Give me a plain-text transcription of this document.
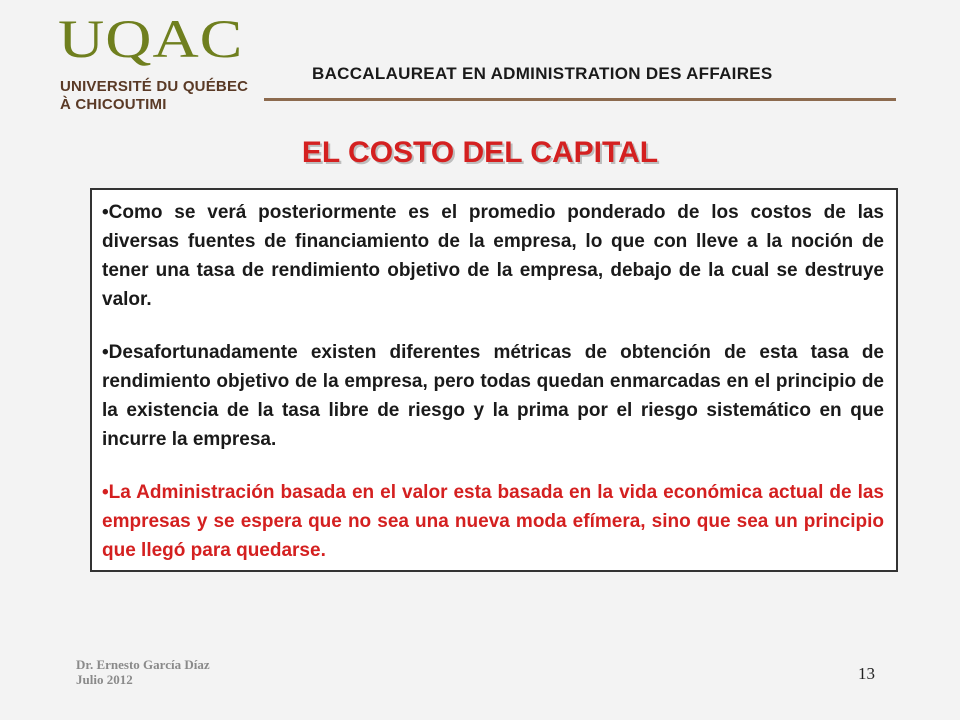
UQAC
UNIVERSITÉ DU QUÉBEC
À CHICOUTIMI
BACCALAUREAT EN ADMINISTRATION DES AFFAIRES
EL COSTO DEL CAPITAL

• Como se verá posteriormente es el promedio ponderado de los costos de las diversas fuentes de financiamiento de la empresa, lo que con lleve a la noción de tener una tasa de rendimiento objetivo de la empresa, debajo de la cual se destruye valor.

• Desafortunadamente existen diferentes métricas de obtención de esta tasa de rendimiento objetivo de la empresa, pero todas quedan enmarcadas en el principio de la existencia de la tasa libre de riesgo y la prima por el riesgo sistemático en que incurre la empresa.

• La Administración basada en el valor esta basada en la vida económica actual de las empresas y se espera que no sea una nueva moda efímera, sino que sea un principio que llegó para quedarse.

Dr. Ernesto García Díaz
Julio 2012	13
